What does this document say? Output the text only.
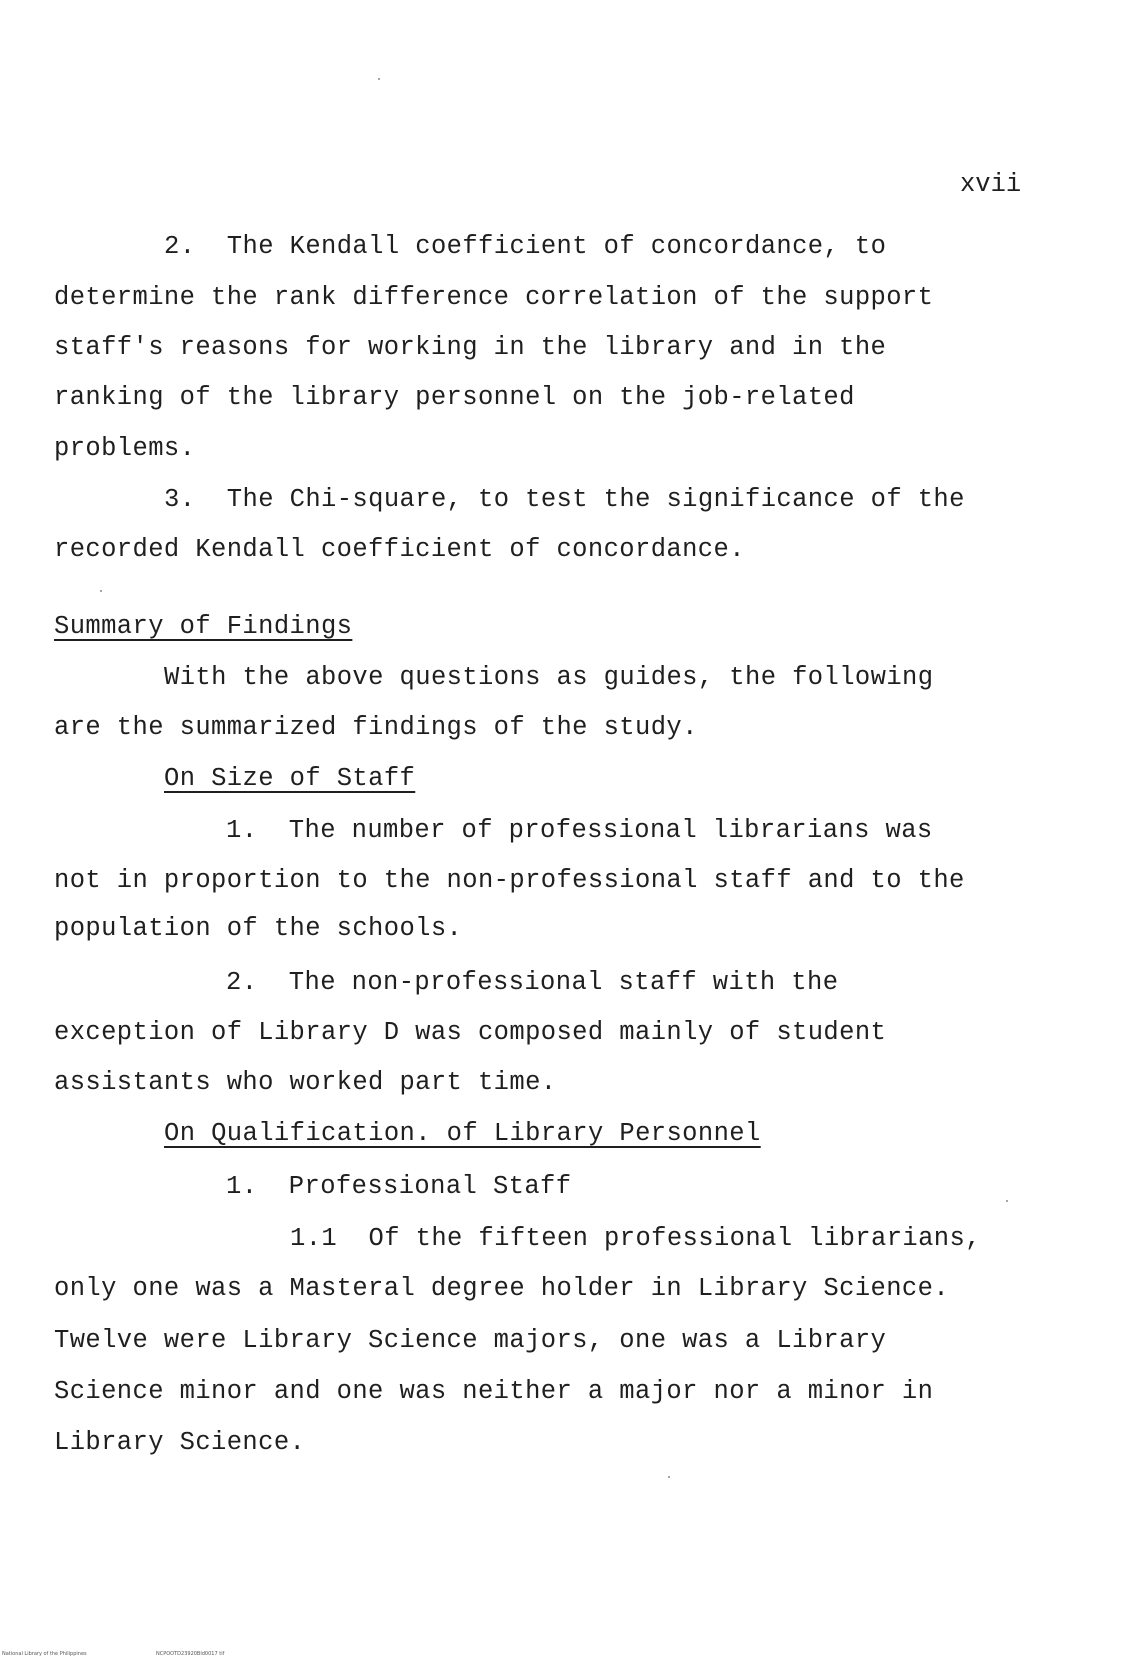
xvii
2.  The Kendall coefficient of concordance, to
determine the rank difference correlation of the support
staff's reasons for working in the library and in the
ranking of the library personnel on the job-related
problems.
3.  The Chi-square, to test the significance of the
recorded Kendall coefficient of concordance.
Summary of Findings
With the above questions as guides, the following
are the summarized findings of the study.
On Size of Staff
1.  The number of professional librarians was
not in proportion to the non-professional staff and to the
population of the schools.
2.  The non-professional staff with the
exception of Library D was composed mainly of student
assistants who worked part time.
On Qualification. of Library Personnel
1.  Professional Staff
1.1  Of the fifteen professional librarians,
only one was a Masteral degree holder in Library Science.
Twelve were Library Science majors, one was a Library
Science minor and one was neither a major nor a minor in
Library Science.
National Library of the Philippines	NCPOOTD23920Bld0017 tif
